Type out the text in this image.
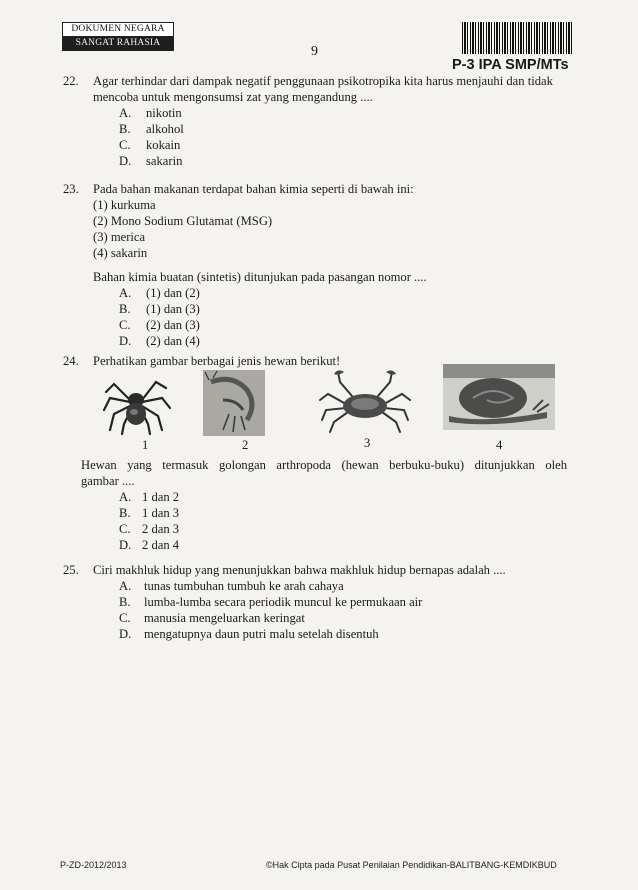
DOKUMEN NEGARA
SANGAT RAHASIA
9
P-3 IPA SMP/MTs
22.	Agar terhindar dari dampak negatif penggunaan psikotropika kita harus menjauhi dan tidak
mencoba untuk mengonsumsi zat yang mengandung ....
A. nikotin
B. alkohol
C. kokain
D. sakarin
23.	Pada bahan makanan terdapat bahan kimia seperti di bawah ini:
(1) kurkuma
(2) Mono Sodium Glutamat (MSG)
(3) merica
(4) sakarin
Bahan kimia buatan (sintetis) ditunjukan pada pasangan nomor ....
A. (1) dan (2)
B. (1) dan (3)
C. (2) dan (3)
D. (2) dan (4)
24.	Perhatikan gambar berbagai jenis hewan berikut!
1	2	3	4
Hewan yang termasuk golongan arthropoda (hewan berbuku-buku) ditunjukkan oleh
gambar ....
A. 1 dan 2
B. 1 dan 3
C. 2 dan 3
D. 2 dan 4
25.	Ciri makhluk hidup yang menunjukkan bahwa makhluk hidup bernapas adalah ....
A. tunas tumbuhan tumbuh ke arah cahaya
B. lumba-lumba secara periodik muncul ke permukaan air
C. manusia mengeluarkan keringat
D. mengatupnya daun putri malu setelah disentuh
P-ZD-2012/2013	©Hak Cipta pada Pusat Penilaian Pendidikan-BALITBANG-KEMDIKBUD
